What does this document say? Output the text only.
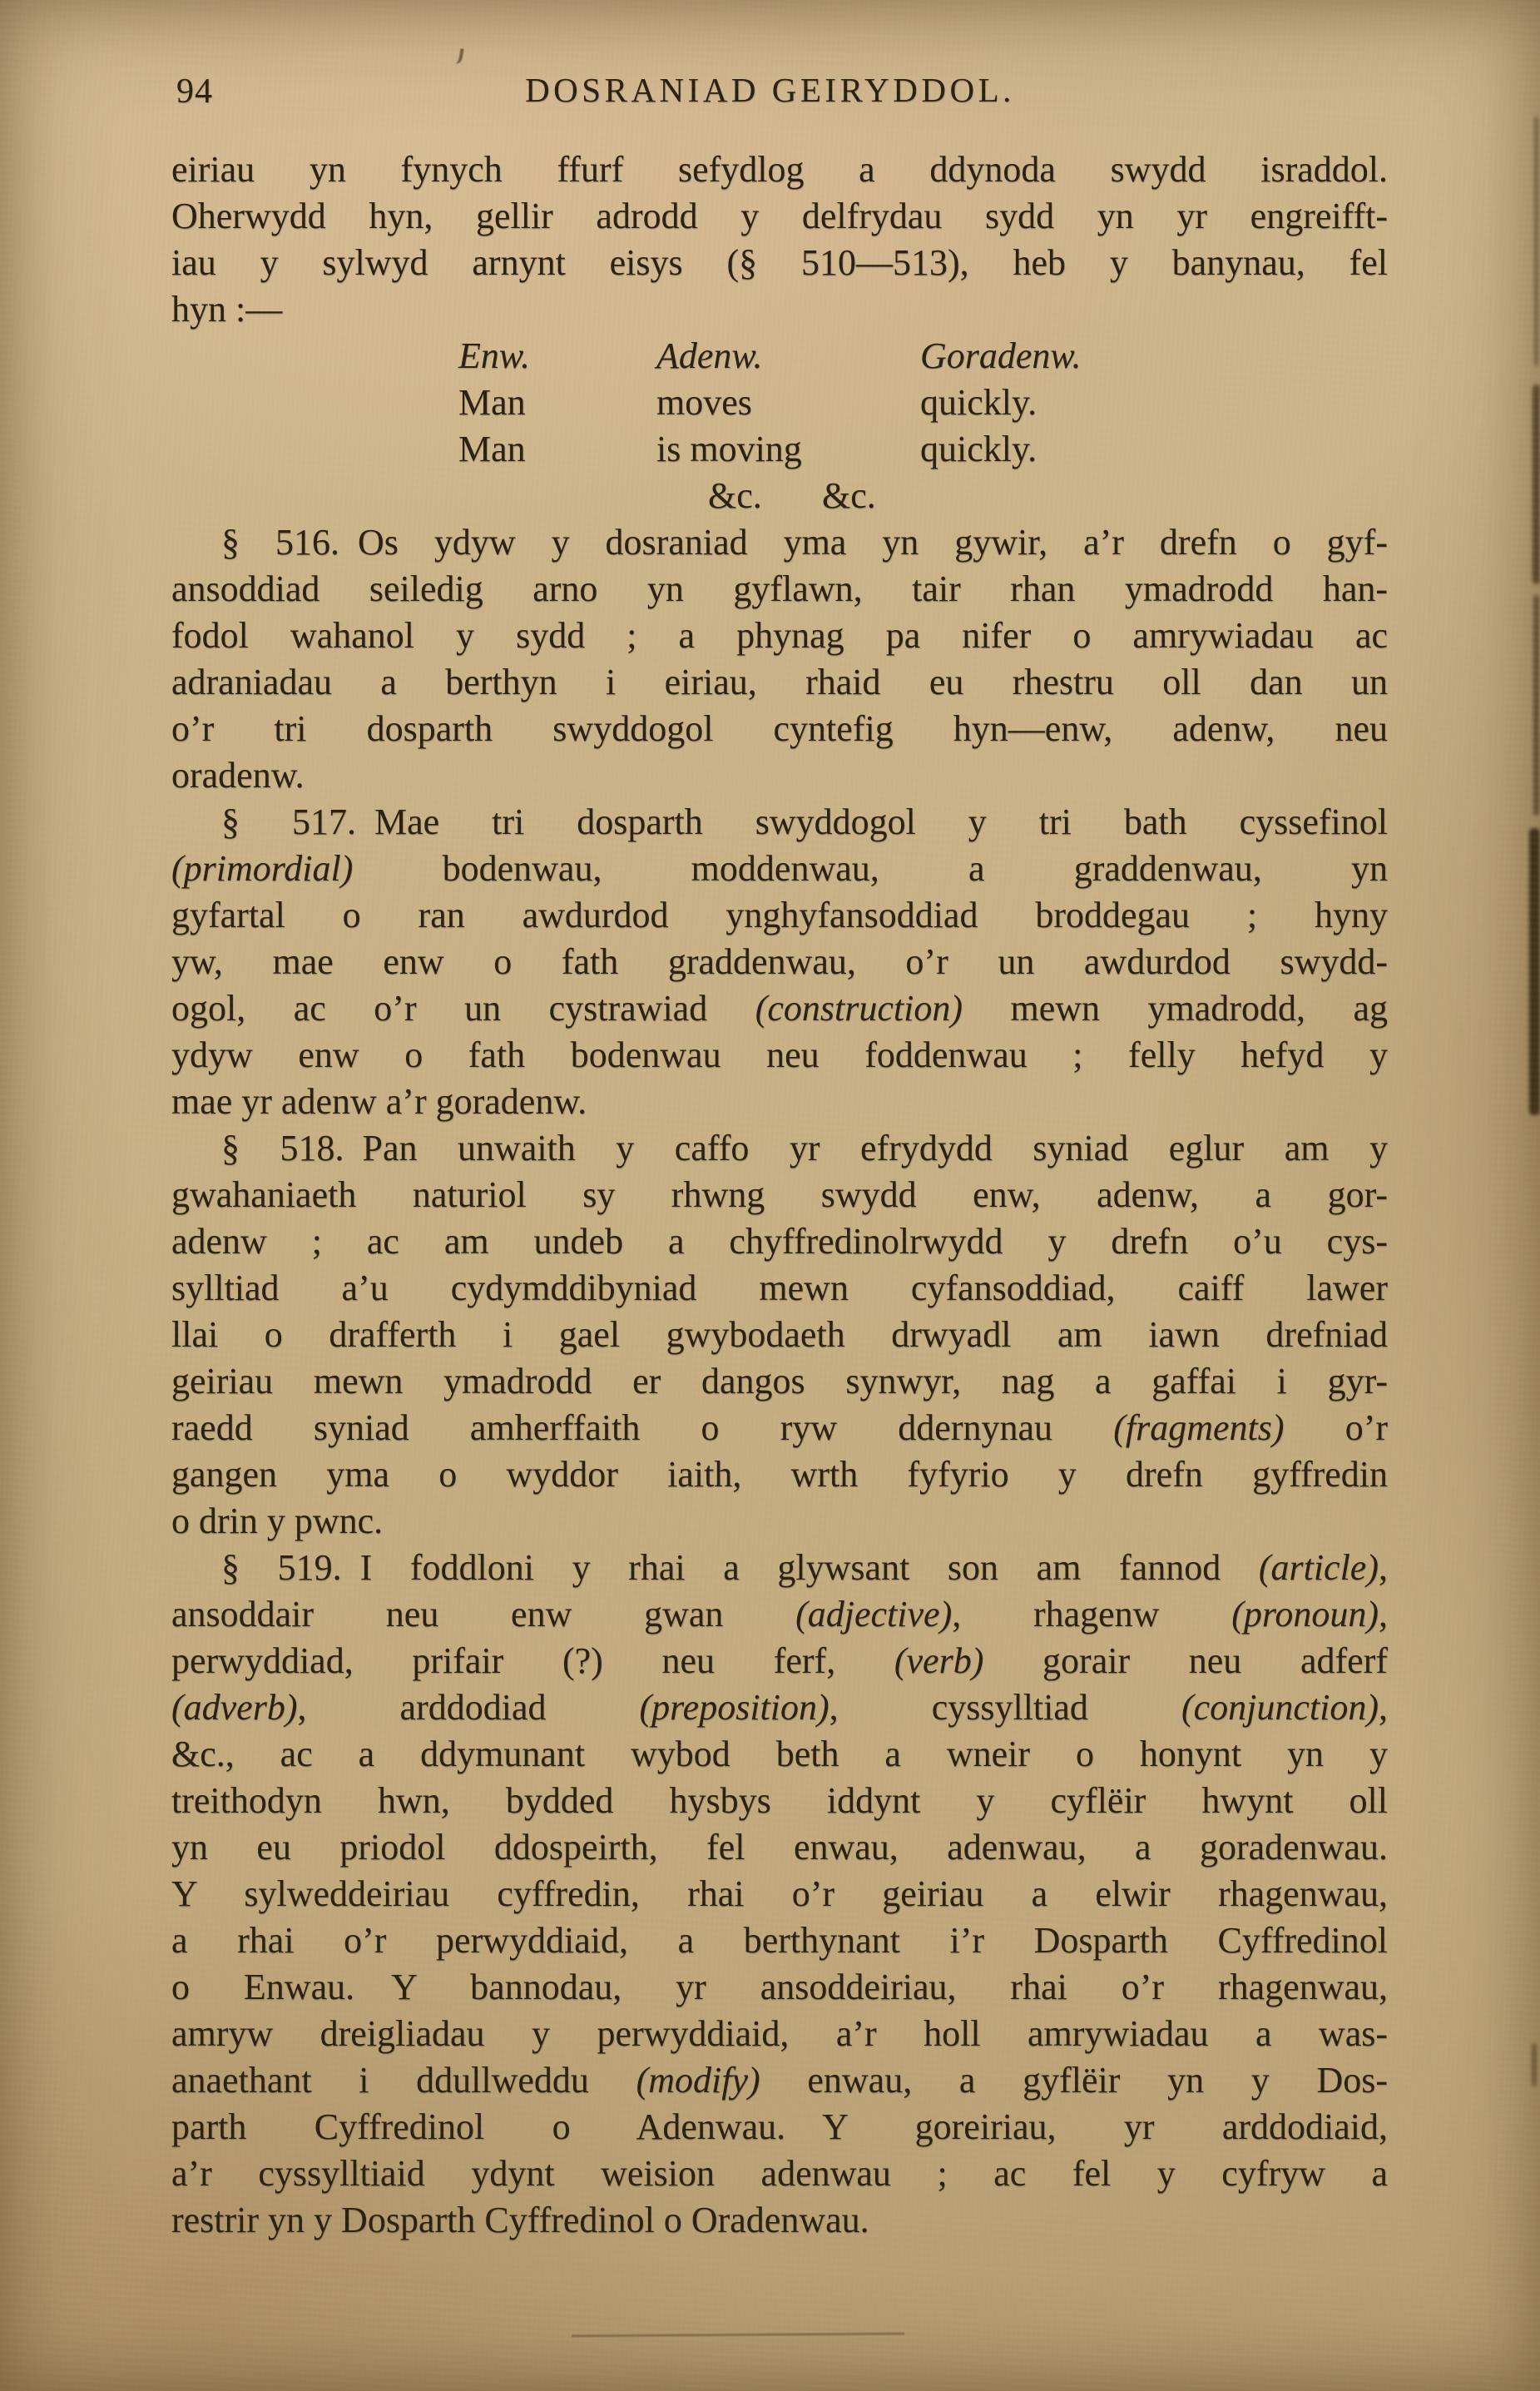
94	DOSRANIAD GEIRYDDOL.
eiriau yn fynych ffurf sefydlog a ddynoda swydd israddol.
Oherwydd hyn, gellir adrodd y delfrydau sydd yn yr engreifft-
iau y sylwyd arnynt eisys (§ 510—513), heb y banynau, fel
hyn :—
Enw.	Adenw.	Goradenw.
Man	moves	quickly.
Man	is moving	quickly.
&c. &c.
§ 516. Os ydyw y dosraniad yma yn gywir, a’r drefn o gyf-
ansoddiad seiledig arno yn gyflawn, tair rhan ymadrodd han-
fodol wahanol y sydd ; a phynag pa nifer o amrywiadau ac
adraniadau a berthyn i eiriau, rhaid eu rhestru oll dan un
o’r tri dosparth swyddogol cyntefig hyn—enw, adenw, neu
oradenw.
§ 517. Mae tri dosparth swyddogol y tri bath cyssefinol
(primordial) bodenwau, moddenwau, a graddenwau, yn
gyfartal o ran awdurdod ynghyfansoddiad broddegau ; hyny
yw, mae enw o fath graddenwau, o’r un awdurdod swydd-
ogol, ac o’r un cystrawiad (construction) mewn ymadrodd, ag
ydyw enw o fath bodenwau neu foddenwau ; felly hefyd y
mae yr adenw a’r goradenw.
§ 518. Pan unwaith y caffo yr efrydydd syniad eglur am y
gwahaniaeth naturiol sy rhwng swydd enw, adenw, a gor-
adenw ; ac am undeb a chyffredinolrwydd y drefn o’u cys-
sylltiad a’u cydymddibyniad mewn cyfansoddiad, caiff lawer
llai o drafferth i gael gwybodaeth drwyadl am iawn drefniad
geiriau mewn ymadrodd er dangos synwyr, nag a gaffai i gyr-
raedd syniad amherffaith o ryw ddernynau (fragments) o’r
gangen yma o wyddor iaith, wrth fyfyrio y drefn gyffredin
o drin y pwnc.
§ 519. I foddloni y rhai a glywsant son am fannod (article),
ansoddair neu enw gwan (adjective), rhagenw (pronoun),
perwyddiad, prifair (?) neu ferf, (verb) gorair neu adferf
(adverb), arddodiad (preposition), cyssylltiad (conjunction),
&c., ac a ddymunant wybod beth a wneir o honynt yn y
treithodyn hwn, bydded hysbys iddynt y cyflëir hwynt oll
yn eu priodol ddospeirth, fel enwau, adenwau, a goradenwau.
Y sylweddeiriau cyffredin, rhai o’r geiriau a elwir rhagenwau,
a rhai o’r perwyddiaid, a berthynant i’r Dosparth Cyffredinol
o Enwau. Y bannodau, yr ansoddeiriau, rhai o’r rhagenwau,
amryw dreigliadau y perwyddiaid, a’r holl amrywiadau a was-
anaethant i ddullweddu (modify) enwau, a gyflëir yn y Dos-
parth Cyffredinol o Adenwau. Y goreiriau, yr arddodiaid,
a’r cyssylltiaid ydynt weision adenwau ; ac fel y cyfryw a
restrir yn y Dosparth Cyffredinol o Oradenwau.
